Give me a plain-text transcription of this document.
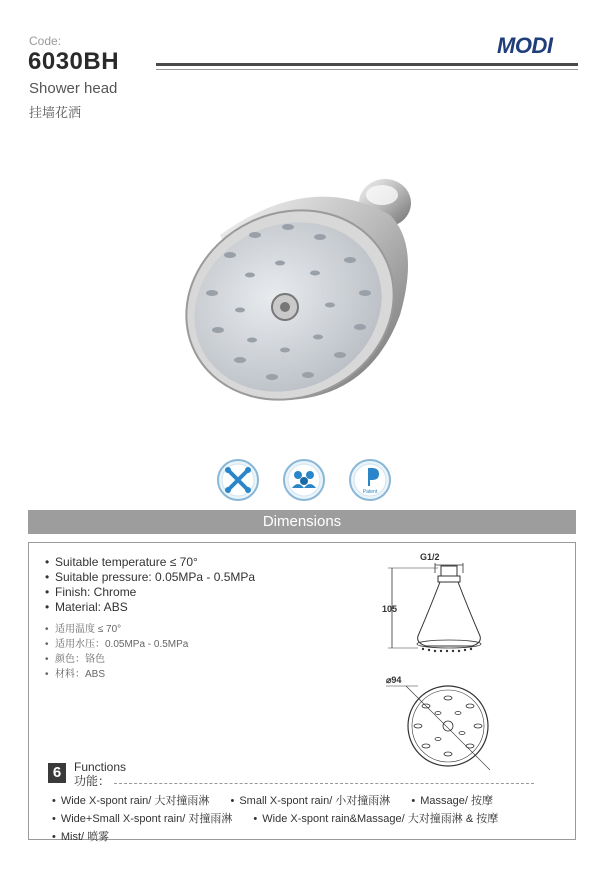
Code:
6030BH
Shower head
挂墙花洒
MODI
Patent
Dimensions
• Suitable temperature ≤ 70°
• Suitable pressure: 0.05MPa - 0.5MPa
• Finish: Chrome
• Material: ABS
• 适用温度 ≤ 70°
• 适用水压：0.05MPa - 0.5MPa
• 颜色：铬色
• 材料：ABS
G1/2
105
⌀94
6	Functions
功能：
• Wide X-spont rain/ 大对撞雨淋 • Small X-spont rain/ 小对撞雨淋 • Massage/ 按摩
• Wide+Small X-spont rain/ 对撞雨淋 • Wide X-spont rain&Massage/ 大对撞雨淋 & 按摩
• Mist/ 喷雾
